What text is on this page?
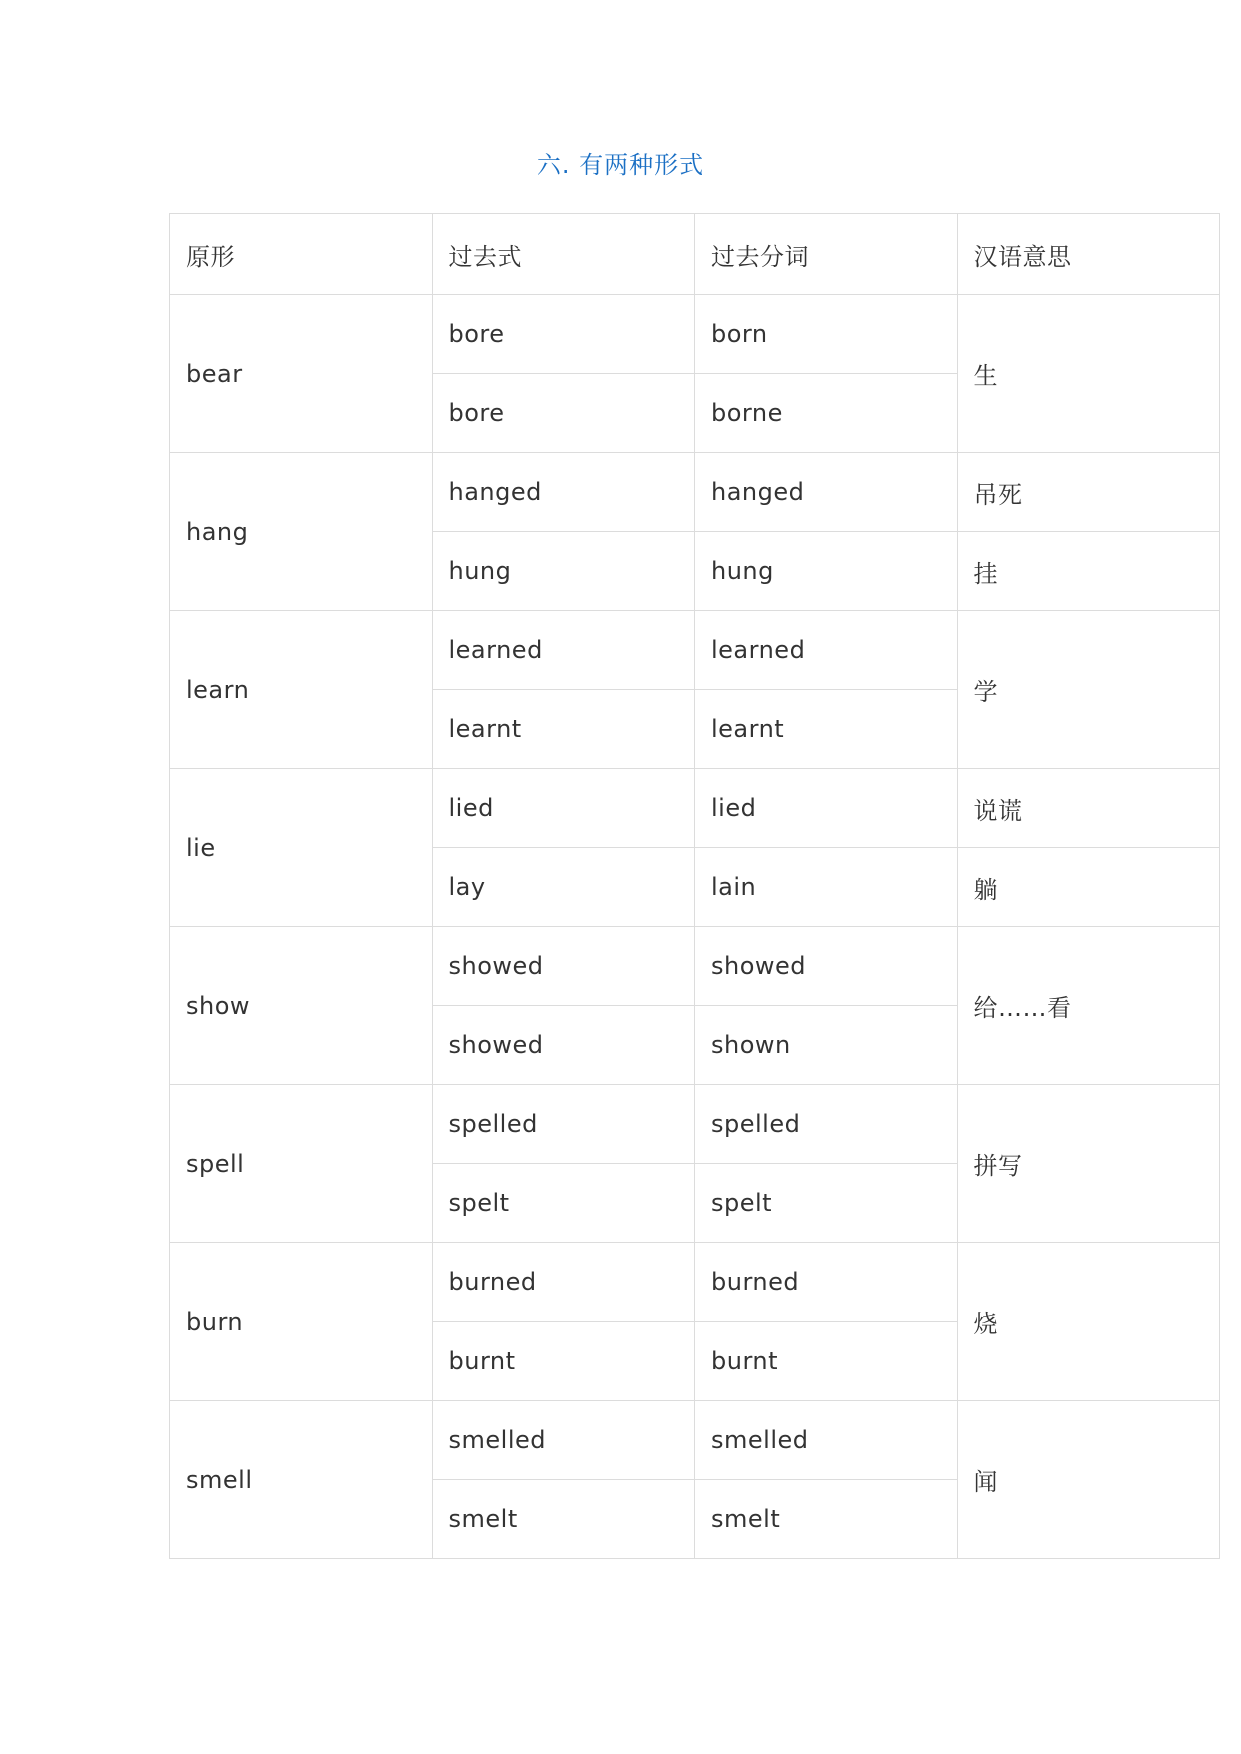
六. 有两种形式
原形	过去式	过去分词	汉语意思
bear	bore	born	生
	bore	borne	
hang	hanged	hanged	吊死
	hung	hung	挂
learn	learned	learned	学
	learnt	learnt	
lie	lied	lied	说谎
	lay	lain	躺
show	showed	showed	给……看
	showed	shown	
spell	spelled	spelled	拼写
	spelt	spelt	
burn	burned	burned	烧
	burnt	burnt	
smell	smelled	smelled	闻
	smelt	smelt	
